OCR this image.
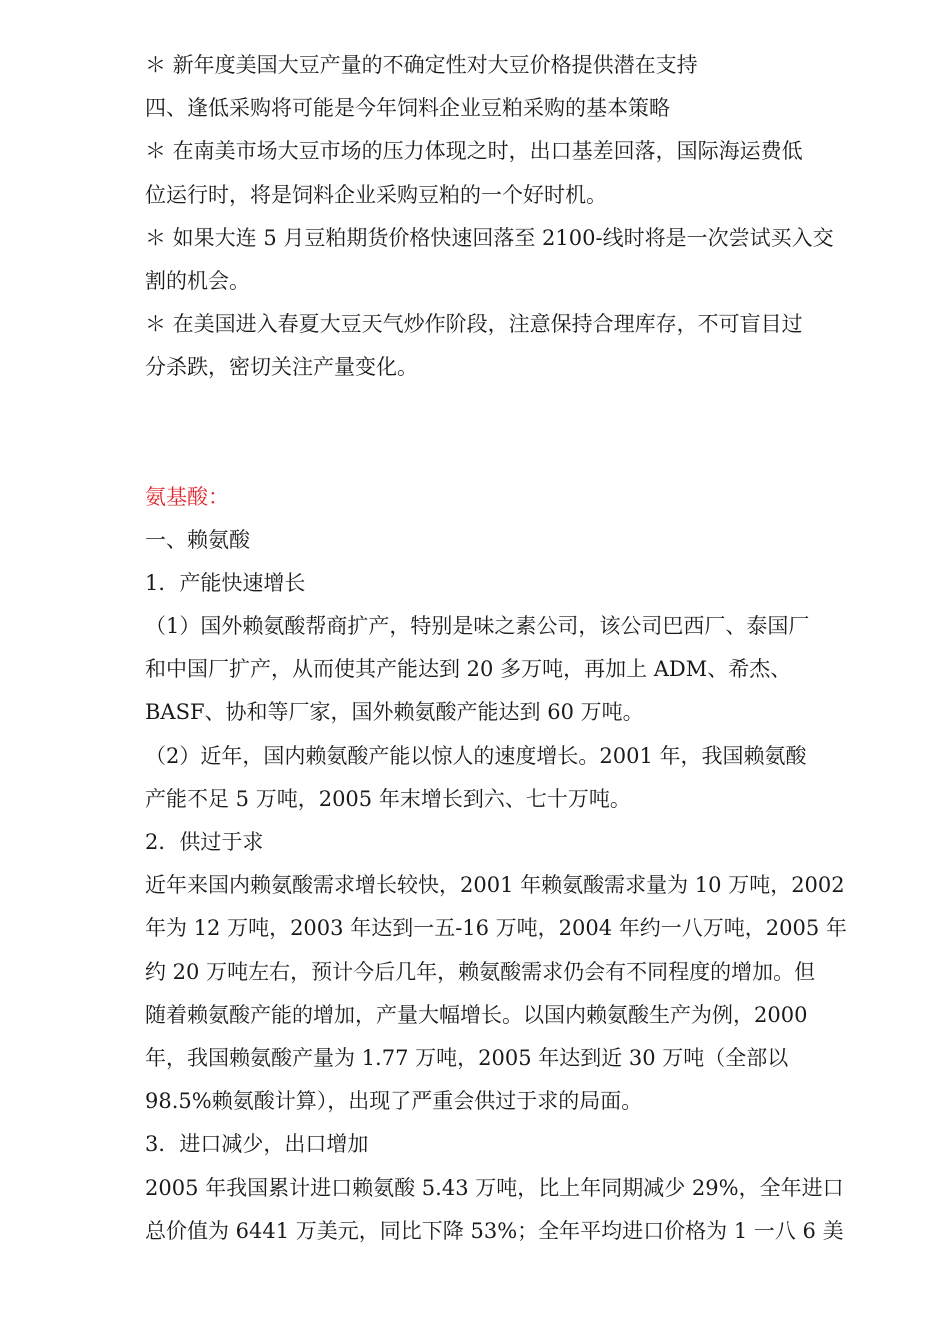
＊ 新年度美国大豆产量的不确定性对大豆价格提供潜在支持
四、逢低采购将可能是今年饲料企业豆粕采购的基本策略
＊ 在南美市场大豆市场的压力体现之时，出口基差回落，国际海运费低
位运行时，将是饲料企业采购豆粕的一个好时机。
＊ 如果大连 5 月豆粕期货价格快速回落至 2100-线时将是一次尝试买入交
割的机会。
＊ 在美国进入春夏大豆天气炒作阶段，注意保持合理库存，不可盲目过
分杀跌，密切关注产量变化。
氨基酸：
一、赖氨酸
1．产能快速增长
（1）国外赖氨酸帮商扩产，特别是味之素公司，该公司巴西厂、泰国厂
和中国厂扩产，从而使其产能达到 20 多万吨，再加上 ADM、希杰、
BASF、协和等厂家，国外赖氨酸产能达到 60 万吨。
（2）近年，国内赖氨酸产能以惊人的速度增长。2001 年，我国赖氨酸
产能不足 5 万吨，2005 年末增长到六、七十万吨。
2．供过于求
近年来国内赖氨酸需求增长较快，2001 年赖氨酸需求量为 10 万吨，2002
年为 12 万吨，2003 年达到一五-16 万吨，2004 年约一八万吨，2005 年
约 20 万吨左右，预计今后几年，赖氨酸需求仍会有不同程度的增加。但
随着赖氨酸产能的增加，产量大幅增长。以国内赖氨酸生产为例，2000
年，我国赖氨酸产量为 1.77 万吨，2005 年达到近 30 万吨（全部以
98.5%赖氨酸计算），出现了严重会供过于求的局面。
3．进口减少，出口增加
2005 年我国累计进口赖氨酸 5.43 万吨，比上年同期减少 29%，全年进口
总价值为 6441 万美元，同比下降 53%；全年平均进口价格为 1 一八 6 美
